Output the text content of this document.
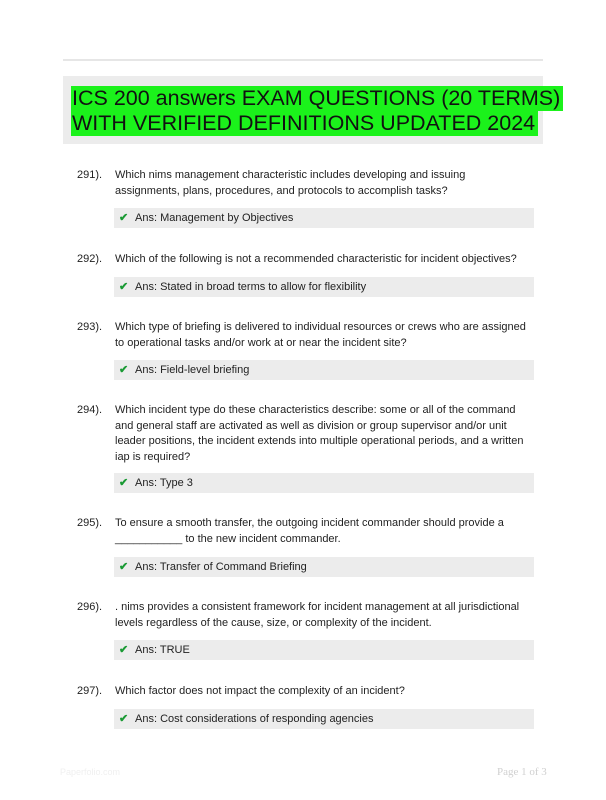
ICS 200 answers EXAM QUESTIONS (20 TERMS)
WITH VERIFIED DEFINITIONS UPDATED 2024
291). Which nims management characteristic includes developing and issuing assignments, plans, procedures, and protocols to accomplish tasks?

✔ Ans: Management by Objectives
292). Which of the following is not a recommended characteristic for incident objectives?

✔ Ans: Stated in broad terms to allow for flexibility
293). Which type of briefing is delivered to individual resources or crews who are assigned to operational tasks and/or work at or near the incident site?

✔ Ans: Field-level briefing
294). Which incident type do these characteristics describe: some or all of the command and general staff are activated as well as division or group supervisor and/or unit leader positions, the incident extends into multiple operational periods, and a written iap is required?

✔ Ans: Type 3
295). To ensure a smooth transfer, the outgoing incident commander should provide a ___________ to the new incident commander.

✔ Ans: Transfer of Command Briefing
296). . nims provides a consistent framework for incident management at all jurisdictional levels regardless of the cause, size, or complexity of the incident.

✔ Ans: TRUE
297). Which factor does not impact the complexity of an incident?

✔ Ans: Cost considerations of responding agencies
Paperfolio.com	Page 1 of 3
